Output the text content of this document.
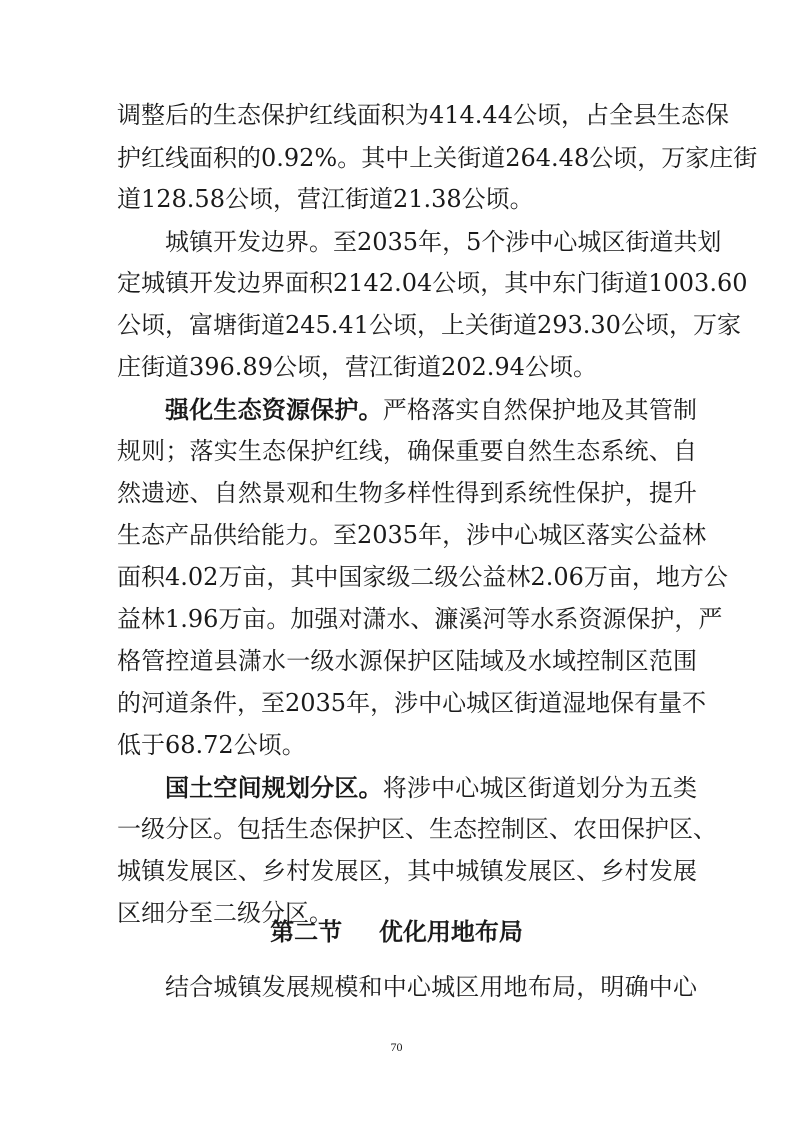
调整后的生态保护红线面积为414.44公顷，占全县生态保
护红线面积的0.92%。其中上关街道264.48公顷，万家庄街
道128.58公顷，营江街道21.38公顷。
城镇开发边界。至2035年，5个涉中心城区街道共划
定城镇开发边界面积2142.04公顷，其中东门街道1003.60
公顷，富塘街道245.41公顷，上关街道293.30公顷，万家
庄街道396.89公顷，营江街道202.94公顷。
强化生态资源保护。严格落实自然保护地及其管制
规则；落实生态保护红线，确保重要自然生态系统、自
然遗迹、自然景观和生物多样性得到系统性保护，提升
生态产品供给能力。至2035年，涉中心城区落实公益林
面积4.02万亩，其中国家级二级公益林2.06万亩，地方公
益林1.96万亩。加强对潇水、濂溪河等水系资源保护，严
格管控道县潇水一级水源保护区陆域及水域控制区范围
的河道条件，至2035年，涉中心城区街道湿地保有量不
低于68.72公顷。
国土空间规划分区。将涉中心城区街道划分为五类
一级分区。包括生态保护区、生态控制区、农田保护区、
城镇发展区、乡村发展区，其中城镇发展区、乡村发展
区细分至二级分区。
第二节  优化用地布局
结合城镇发展规模和中心城区用地布局，明确中心
70
